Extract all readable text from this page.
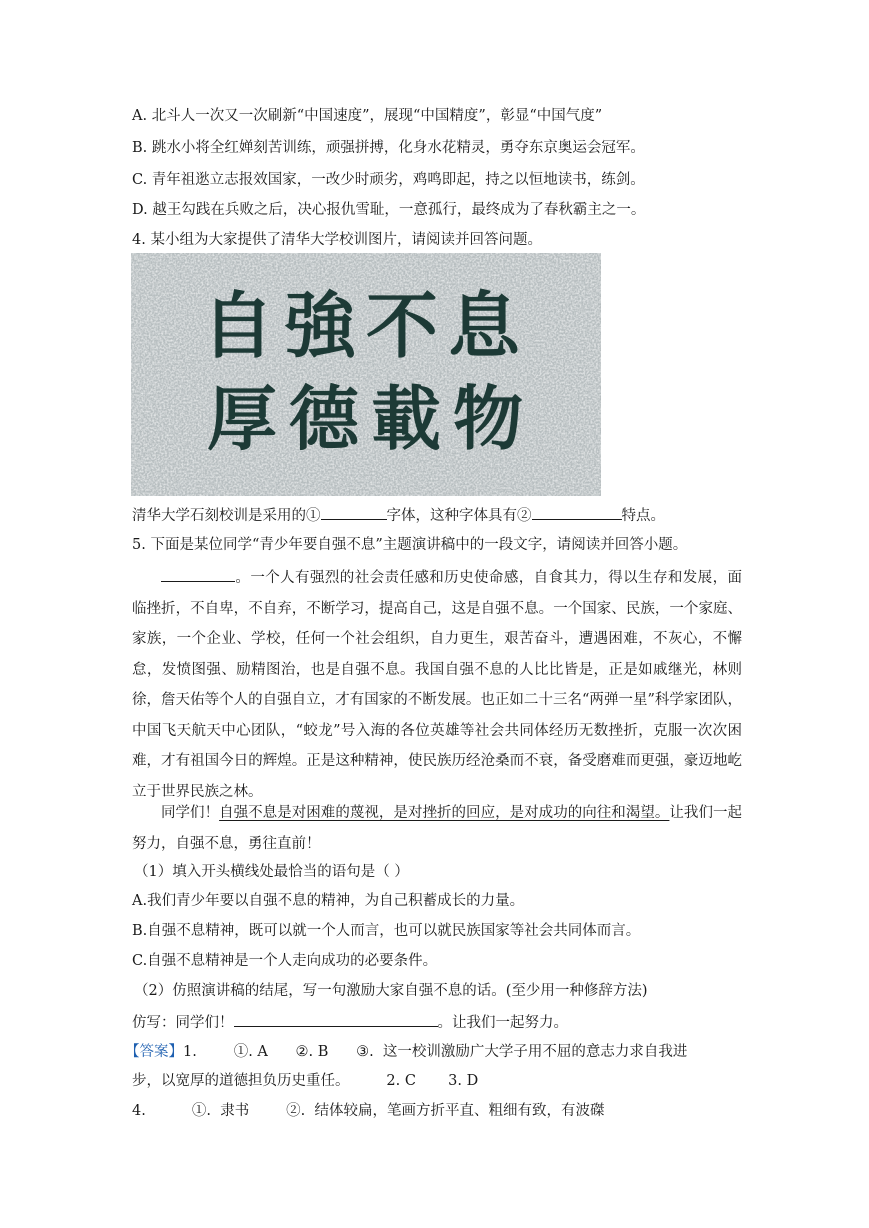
A. 北斗人一次又一次刷新“中国速度”，展现“中国精度”，彰显“中国气度”
B. 跳水小将全红婵刻苦训练，顽强拼搏，化身水花精灵，勇夺东京奥运会冠军。
C. 青年祖逖立志报效国家，一改少时顽劣，鸡鸣即起，持之以恒地读书，练剑。
D. 越王勾践在兵败之后，决心报仇雪耻，一意孤行，最终成为了春秋霸主之一。
4. 某小组为大家提供了清华大学校训图片，请阅读并回答问题。
自強不息
厚德載物
清华大学石刻校训是采用的①	字体，这种字体具有②	特点。
5. 下面是某位同学“青少年要自强不息”主题演讲稿中的一段文字，请阅读并回答小题。
。一个人有强烈的社会责任感和历史使命感，自食其力，得以生存和发展，面临挫折，不自卑，不自弃，不断学习，提高自己，这是自强不息。一个国家、民族，一个家庭、家族，一个企业、学校，任何一个社会组织，自力更生，艰苦奋斗，遭遇困难，不灰心，不懈怠，发愤图强、励精图治，也是自强不息。我国自强不息的人比比皆是，正是如戚继光，林则徐，詹天佑等个人的自强自立，才有国家的不断发展。也正如二十三名“两弹一星”科学家团队，中国飞天航天中心团队，“蛟龙”号入海的各位英雄等社会共同体经历无数挫折，克服一次次困难，才有祖国今日的辉煌。正是这种精神，使民族历经沧桑而不衰，备受磨难而更强，豪迈地屹立于世界民族之林。
同学们！自强不息是对困难的蔑视，是对挫折的回应，是对成功的向往和渴望。让我们一起努力，自强不息，勇往直前！
（1）填入开头横线处最恰当的语句是（ ）
A.我们青少年要以自强不息的精神，为自己积蓄成长的力量。
B.自强不息精神，既可以就一个人而言，也可以就民族国家等社会共同体而言。
C.自强不息精神是一个人走向成功的必要条件。
（2）仿照演讲稿的结尾，写一句激励大家自强不息的话。(至少用一种修辞方法)
仿写：同学们！	。让我们一起努力。
【答案】1.        ①. A      ②. B      ③.  这一校训激励广大学子用不屈的意志力求自我进
步，以宽厚的道德担负历史重任。        2. C       3. D
4.          ①.  隶书        ②.  结体较扁，笔画方折平直、粗细有致，有波磔
